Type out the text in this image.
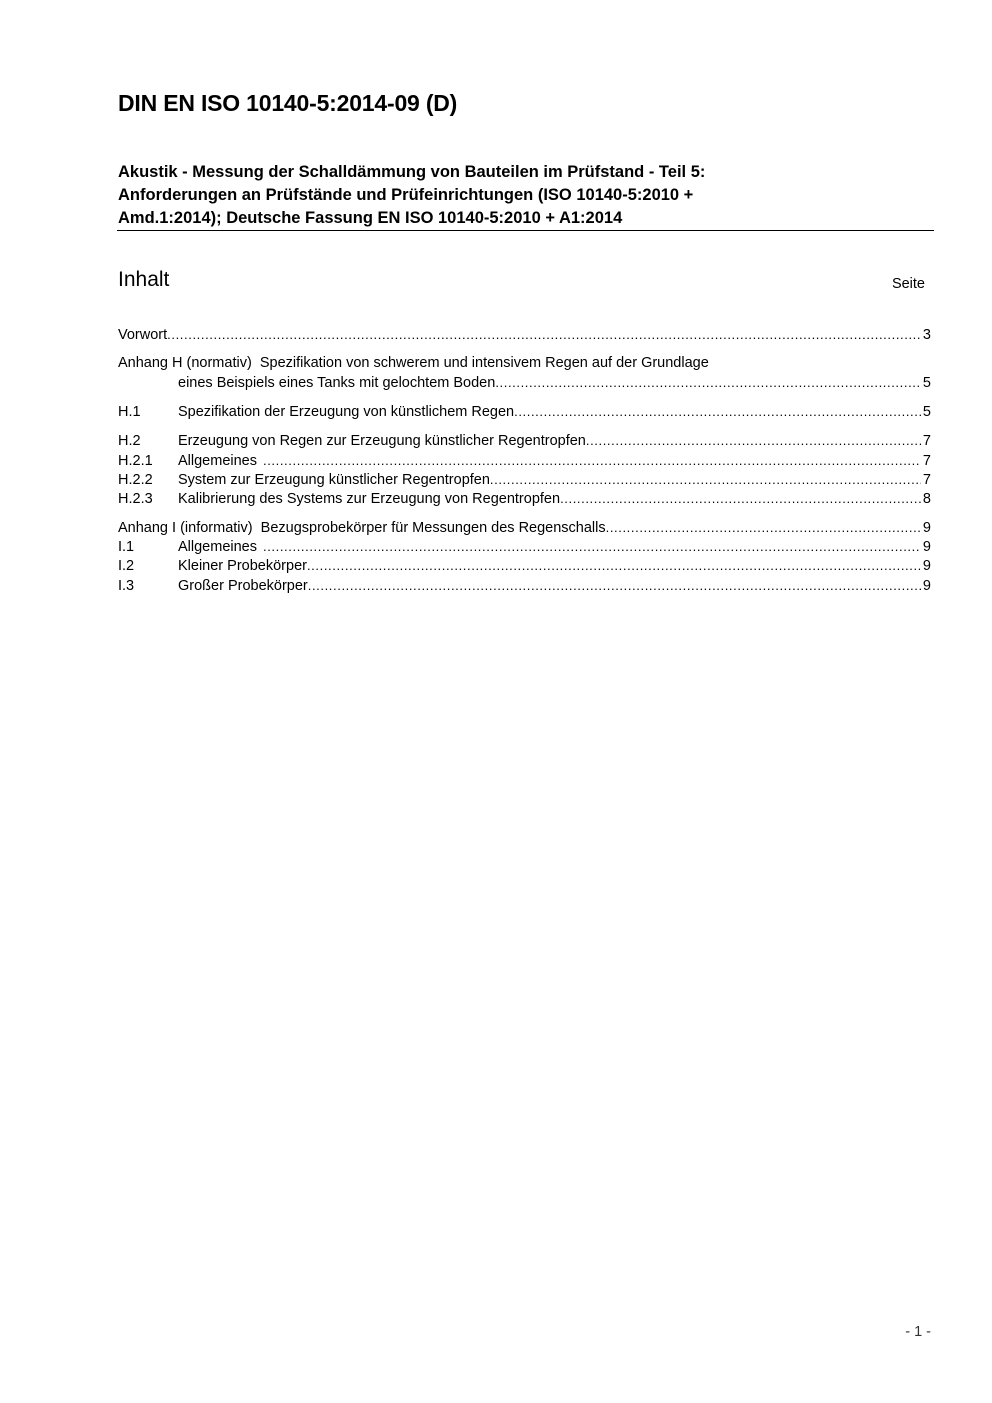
DIN EN ISO 10140-5:2014-09 (D)
Akustik - Messung der Schalldämmung von Bauteilen im Prüfstand - Teil 5:
Anforderungen an Prüfstände und Prüfeinrichtungen (ISO 10140-5:2010 +
Amd.1:2014); Deutsche Fassung EN ISO 10140-5:2010 + A1:2014
Inhalt	Seite
Vorwort .....	3
Anhang H (normativ)  Spezifikation von schwerem und intensivem Regen auf der Grundlage
eines Beispiels eines Tanks mit gelochtem Boden .....	5
H.1	Spezifikation der Erzeugung von künstlichem Regen .....	5
H.2	Erzeugung von Regen zur Erzeugung künstlicher Regentropfen .....	7
H.2.1	Allgemeines .....	7
H.2.2	System zur Erzeugung künstlicher Regentropfen .....	7
H.2.3	Kalibrierung des Systems zur Erzeugung von Regentropfen .....	8
Anhang I (informativ)  Bezugsprobekörper für Messungen des Regenschalls .....	9
I.1	Allgemeines .....	9
I.2	Kleiner Probekörper .....	9
I.3	Großer Probekörper .....	9
- 1 -
